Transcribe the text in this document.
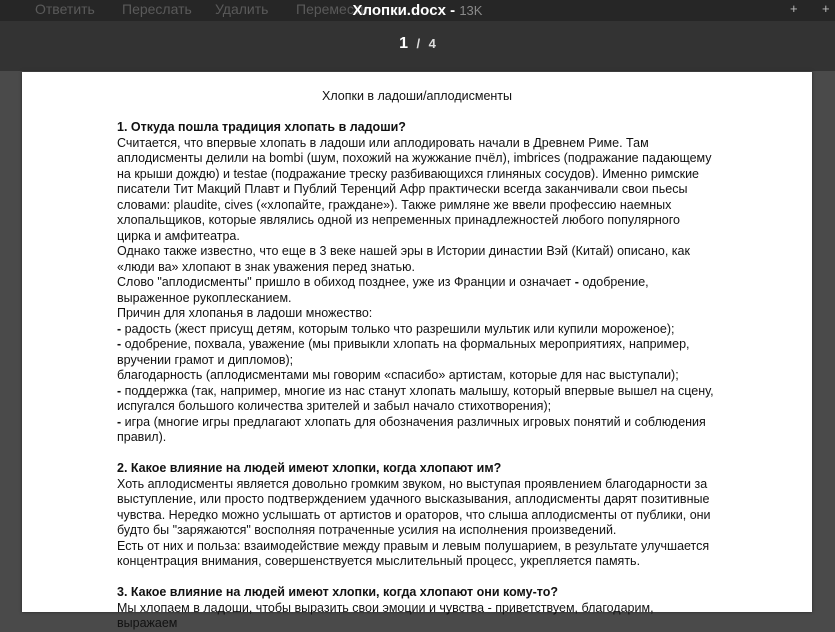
Ответить Переслать Удалить Перемести
Хлопки.docx - 13K	+ +
1 / 4
Хлопки в ладоши/аплодисменты
1. Откуда пошла традиция хлопать в ладоши?

Считается, что впервые хлопать в ладоши или аплодировать начали в Древнем Риме. Там аплодисменты делили на bombi (шум, похожий на жужжание пчёл), imbrices (подражание падающему на крыши дождю) и testae (подражание треску разбивающихся глиняных сосудов). Именно римские писатели Тит Макций Плавт и Публий Теренций Афр практически всегда заканчивали свои пьесы словами: plaudite, cives («хлопайте, граждане»). Также римляне же ввели профессию наемных хлопальщиков, которые являлись одной из непременных принадлежностей любого популярного цирка и амфитеатра.

Однако также известно, что еще в 3 веке нашей эры в Истории династии Вэй (Китай) описано, как «люди ва» хлопают в знак уважения перед знатью.

Слово "аплодисменты" пришло в обиход позднее, уже из Франции и означает - одобрение, выраженное рукоплесканием.

Причин для хлопанья в ладоши множество:

- радость (жест присущ детям, которым только что разрешили мультик или купили мороженое);

- одобрение, похвала, уважение (мы привыкли хлопать на формальных мероприятиях, например, вручении грамот и дипломов);

благодарность (аплодисментами мы говорим «спасибо» артистам, которые для нас выступали);

- поддержка (так, например, многие из нас станут хлопать малышу, который впервые вышел на сцену, испугался большого количества зрителей и забыл начало стихотворения);

- игра (многие игры предлагают хлопать для обозначения различных игровых понятий и соблюдения правил).

2. Какое влияние на людей имеют хлопки, когда хлопают им?

Хоть аплодисменты является довольно громким звуком, но выступая проявлением благодарности за выступление, или просто подтверждением удачного высказывания, аплодисменты дарят позитивные чувства. Нередко можно услышать от артистов и ораторов, что слыша аплодисменты от публики, они будто бы "заряжаются" восполняя потраченные усилия на исполнения произведений.

Есть от них и польза: взаимодействие между правым и левым полушарием, в результате улучшается концентрация внимания, совершенствуется мыслительный процесс, укрепляется память.

3. Какое влияние на людей имеют хлопки, когда хлопают они кому-то?

Мы хлопаем в ладоши, чтобы выразить свои эмоции и чувства - приветствуем, благодарим, выражаем
